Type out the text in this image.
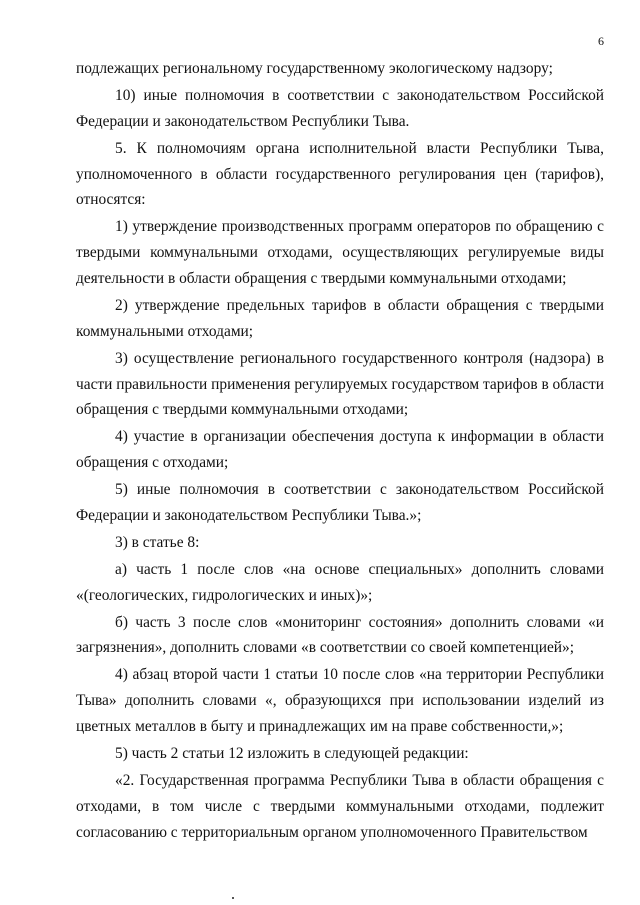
6

подлежащих региональному государственному экологическому надзору;

10) иные полномочия в соответствии с законодательством Российской Федерации и законодательством Республики Тыва.

5. К полномочиям органа исполнительной власти Республики Тыва, уполномоченного в области государственного регулирования цен (тарифов), относятся:

1) утверждение производственных программ операторов по обращению с твердыми коммунальными отходами, осуществляющих регулируемые виды деятельности в области обращения с твердыми коммунальными отходами;

2) утверждение предельных тарифов в области обращения с твердыми коммунальными отходами;

3) осуществление регионального государственного контроля (надзора) в части правильности применения регулируемых государством тарифов в области обращения с твердыми коммунальными отходами;

4) участие в организации обеспечения доступа к информации в области обращения с отходами;

5) иные полномочия в соответствии с законодательством Российской Федерации и законодательством Республики Тыва.»;

3) в статье 8:

а) часть 1 после слов «на основе специальных» дополнить словами «(геологических, гидрологических и иных)»;

б) часть 3 после слов «мониторинг состояния» дополнить словами «и загрязнения», дополнить словами «в соответствии со своей компетенцией»;

4) абзац второй части 1 статьи 10 после слов «на территории Республики Тыва» дополнить словами «, образующихся при использовании изделий из цветных металлов в быту и принадлежащих им на праве собственности,»;

5) часть 2 статьи 12 изложить в следующей редакции:

«2. Государственная программа Республики Тыва в области обращения с отходами, в том числе с твердыми коммунальными отходами, подлежит согласованию с территориальным органом уполномоченного Правительством
